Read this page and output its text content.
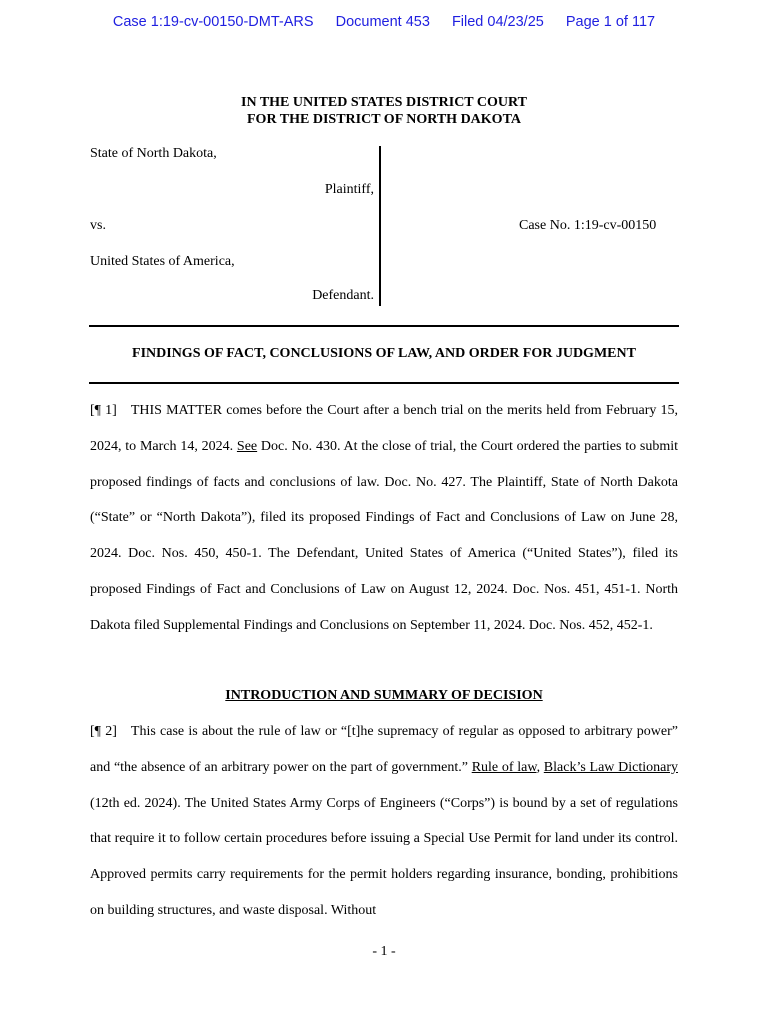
Case 1:19-cv-00150-DMT-ARS Document 453 Filed 04/23/25 Page 1 of 117
IN THE UNITED STATES DISTRICT COURT
FOR THE DISTRICT OF NORTH DAKOTA
State of North Dakota,
Plaintiff,
vs.
United States of America,
Defendant.
Case No. 1:19-cv-00150
FINDINGS OF FACT, CONCLUSIONS OF LAW, AND ORDER FOR JUDGMENT
[¶ 1] THIS MATTER comes before the Court after a bench trial on the merits held from February 15, 2024, to March 14, 2024. See Doc. No. 430. At the close of trial, the Court ordered the parties to submit proposed findings of facts and conclusions of law. Doc. No. 427. The Plaintiff, State of North Dakota (“State” or “North Dakota”), filed its proposed Findings of Fact and Conclusions of Law on June 28, 2024. Doc. Nos. 450, 450-1. The Defendant, United States of America (“United States”), filed its proposed Findings of Fact and Conclusions of Law on August 12, 2024. Doc. Nos. 451, 451-1. North Dakota filed Supplemental Findings and Conclusions on September 11, 2024. Doc. Nos. 452, 452-1.
INTRODUCTION AND SUMMARY OF DECISION
[¶ 2] This case is about the rule of law or “[t]he supremacy of regular as opposed to arbitrary power” and “the absence of an arbitrary power on the part of government.” Rule of law, Black’s Law Dictionary (12th ed. 2024). The United States Army Corps of Engineers (“Corps”) is bound by a set of regulations that require it to follow certain procedures before issuing a Special Use Permit for land under its control. Approved permits carry requirements for the permit holders regarding insurance, bonding, prohibitions on building structures, and waste disposal. Without
- 1 -
